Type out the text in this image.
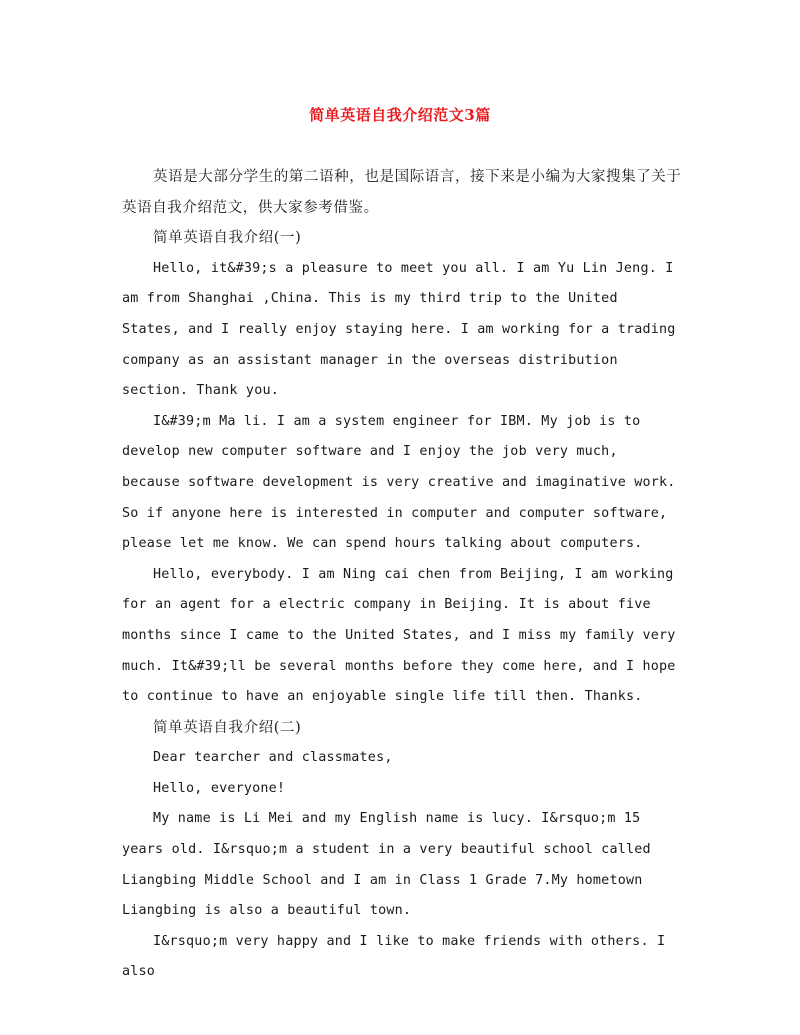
简单英语自我介绍范文3篇

英语是大部分学生的第二语种，也是国际语言，接下来是小编为大家搜集了关于英语自我介绍范文，供大家参考借鉴。

简单英语自我介绍(一)

Hello, it&#39;s a pleasure to meet you all. I am Yu Lin Jeng. I am from Shanghai ,China. This is my third trip to the United States, and I really enjoy staying here. I am working for a trading company as an assistant manager in the overseas distribution section. Thank you.

I&#39;m Ma li. I am a system engineer for IBM. My job is to develop new computer software and I enjoy the job very much, because software development is very creative and imaginative work. So if anyone here is interested in computer and computer software, please let me know. We can spend hours talking about computers.

Hello, everybody. I am Ning cai chen from Beijing, I am working for an agent for a electric company in Beijing. It is about five months since I came to the United States, and I miss my family very much. It&#39;ll be several months before they come here, and I hope to continue to have an enjoyable single life till then. Thanks.

简单英语自我介绍(二)

Dear tearcher and classmates,

Hello, everyone!

My name is Li Mei and my English name is lucy. I&rsquo;m 15 years old. I&rsquo;m a student in a very beautiful school called Liangbing Middle School and I am in Class 1 Grade 7.My hometown Liangbing is also a beautiful town.

I&rsquo;m very happy and I like to make friends with others. I also
